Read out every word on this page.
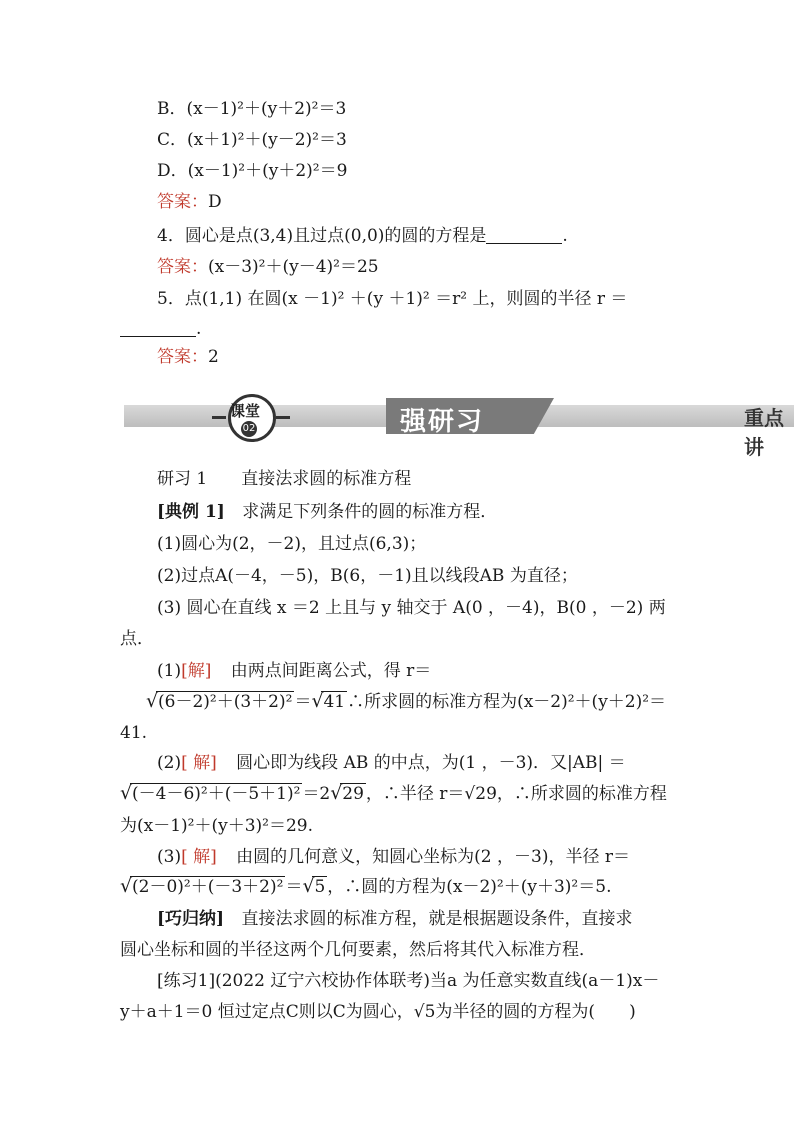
B．(x－1)²＋(y＋2)²＝3
C．(x＋1)²＋(y－2)²＝3
D．(x－1)²＋(y＋2)²＝9
答案：D
4．圆心是点(3,4)且过点(0,0)的圆的方程是	.
答案：(x－3)²＋(y－4)²＝25
5．点(1,1) 在圆(x －1)² ＋(y ＋1)² ＝r² 上，则圆的半径 r ＝
.
答案：2
课堂
02	强研习	重点讲
研习 1　　直接法求圆的标准方程
[典例 1] 求满足下列条件的圆的标准方程．
(1)圆心为(2，－2)，且过点(6,3)；
(2)过点A(－4，－5)，B(6，－1)且以线段AB 为直径；
(3) 圆心在直线 x ＝2 上且与 y 轴交于 A(0 ，－4)，B(0 ，－2) 两
点．
(1)[解] 由两点间距离公式，得 r＝
√ (6－2)²＋(3＋2)² ＝ √ 41 ∴所求圆的标准方程为(x－2)²＋(y＋2)²＝
41.
(2)[ 解] 圆心即为线段 AB 的中点，为(1 ，－3)．又|AB| ＝
√ (－4－6)²＋(－5＋1)² ＝2 √ 29 ，∴半径 r＝√29，∴所求圆的标准方程
为(x－1)²＋(y＋3)²＝29.
(3)[ 解] 由圆的几何意义，知圆心坐标为(2 ，－3)，半径 r＝
√ (2－0)²＋(－3＋2)² ＝ √ 5 ，∴圆的方程为(x－2)²＋(y＋3)²＝5.
[巧归纳] 直接法求圆的标准方程，就是根据题设条件，直接求
圆心坐标和圆的半径这两个几何要素，然后将其代入标准方程．
[练习1](2022 辽宁六校协作体联考)当a 为任意实数直线(a－1)x－
y＋a＋1＝0 恒过定点C则以C为圆心，√5为半径的圆的方程为(　　)
